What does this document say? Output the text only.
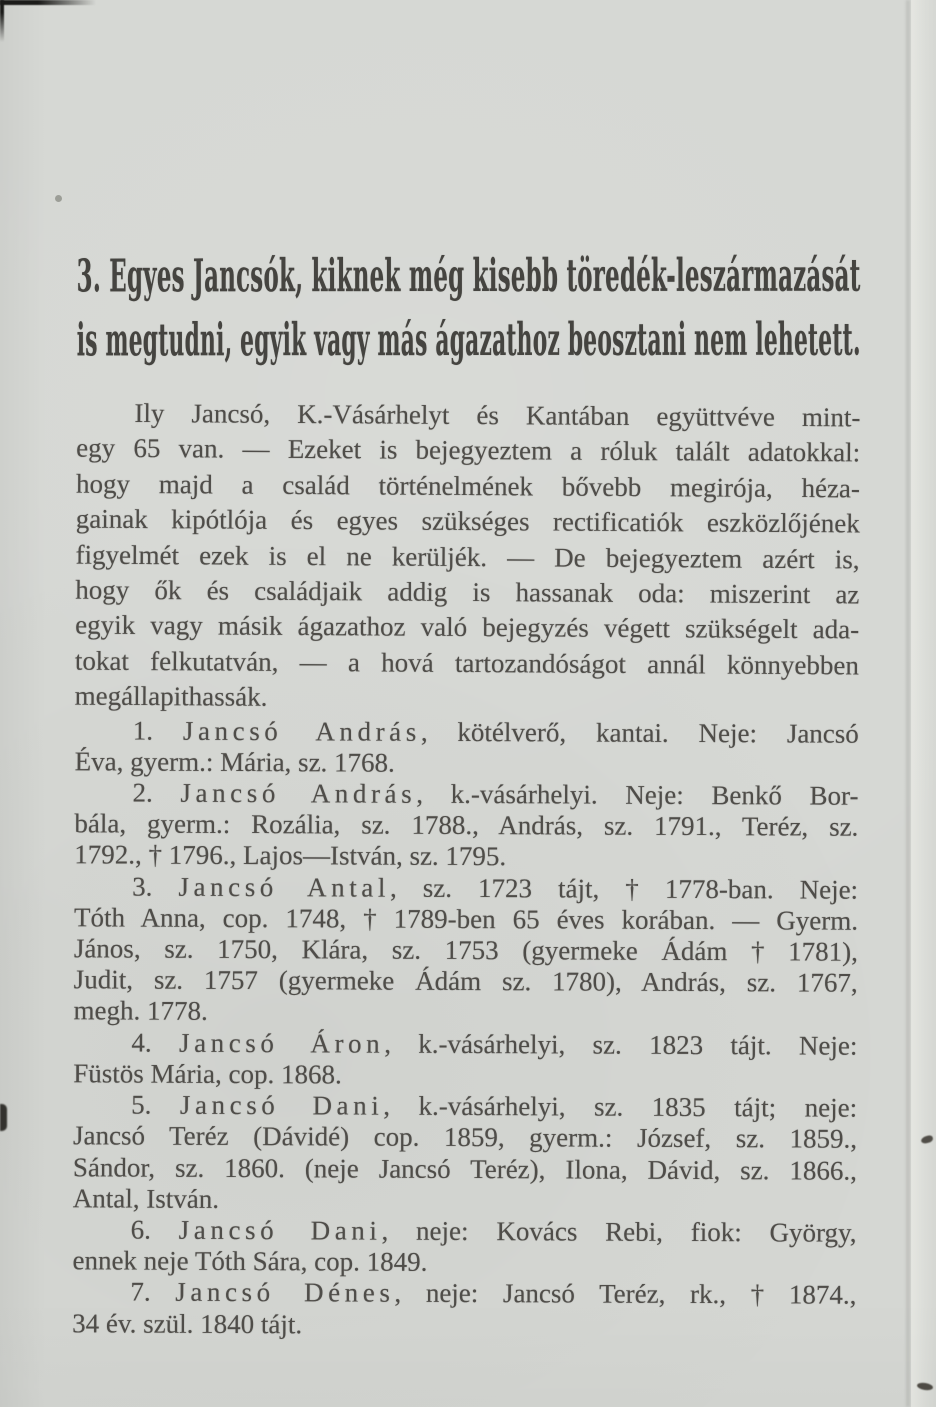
3. Egyes Jancsók, kiknek még kisebb töredék-leszármazását
is megtudni, egyik vagy más ágazathoz beosztani nem lehetett.

Ily Jancsó, K.-Vásárhelyt és Kantában együttvéve mint-
egy 65 van. — Ezeket is bejegyeztem a róluk talált adatokkal:
hogy majd a család történelmének bővebb megirója, héza-
gainak kipótlója és egyes szükséges rectificatiók eszközlőjének
figyelmét ezek is el ne kerüljék. — De bejegyeztem azért is,
hogy ők és családjaik addig is hassanak oda: miszerint az
egyik vagy másik ágazathoz való bejegyzés végett szükségelt ada-
tokat felkutatván, — a hová tartozandóságot annál könnyebben
megállapithassák.

1. Jancsó András, kötélverő, kantai. Neje: Jancsó
Éva, gyerm.: Mária, sz. 1768.

2. Jancsó András, k.-vásárhelyi. Neje: Benkő Bor-
bála, gyerm.: Rozália, sz. 1788., András, sz. 1791., Teréz, sz.
1792., † 1796., Lajos—István, sz. 1795.

3. Jancsó Antal, sz. 1723 tájt, † 1778-ban. Neje:
Tóth Anna, cop. 1748, † 1789-ben 65 éves korában. — Gyerm.
János, sz. 1750, Klára, sz. 1753 (gyermeke Ádám † 1781),
Judit, sz. 1757 (gyermeke Ádám sz. 1780), András, sz. 1767,
megh. 1778.

4. Jancsó Áron, k.-vásárhelyi, sz. 1823 tájt. Neje:
Füstös Mária, cop. 1868.

5. Jancsó Dani, k.-vásárhelyi, sz. 1835 tájt; neje:
Jancsó Teréz (Dávidé) cop. 1859, gyerm.: József, sz. 1859.,
Sándor, sz. 1860. (neje Jancsó Teréz), Ilona, Dávid, sz. 1866.,
Antal, István.

6. Jancsó Dani, neje: Kovács Rebi, fiok: György,
ennek neje Tóth Sára, cop. 1849.

7. Jancsó Dénes, neje: Jancsó Teréz, rk., † 1874.,
34 év. szül. 1840 tájt.
